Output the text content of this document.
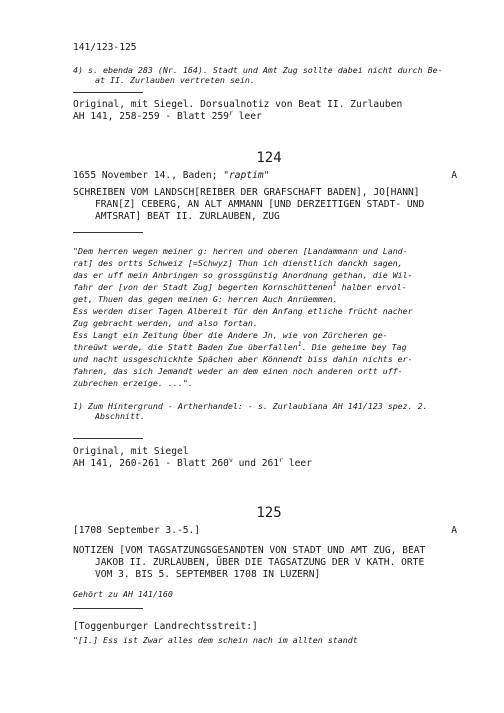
141/123-125
4) s. ebenda 283 (Nr. 164). Stadt und Amt Zug sollte dabei nicht durch Be-
at II. Zurlauben vertreten sein.
Original, mit Siegel. Dorsualnotiz von Beat II. Zurlauben
AH 141, 258-259 - Blatt 259$^r$ leer
124
1655 November 14., Baden; "raptim"	A
SCHREIBEN VOM LANDSCH[REIBER DER GRAFSCHAFT BADEN], JO[HANN]
FRAN[Z] CEBERG, AN ALT AMMANN [UND DERZEITIGEN STADT- UND
AMTSRAT] BEAT II. ZURLAUBEN, ZUG
"Dem herren wegen meiner g: herren und oberen [Landammann und Land-
rat] des ortts Schweiz [=Schwyz] Thun ich dienstlich danckh sagen,
das er uff mein Anbringen so grossgünstig Anordnung gethan, die Wil-
fahr der [von der Stadt Zug] begerten Kornschüttenen$^1$ halber ervol-
get, Thuen das gegen meinen G: herren Auch Anrüemmen.
Ess werden diser Tagen Albereit für den Anfang etliche frücht nacher
Zug gebracht werden, und also fortan.
Ess Langt ein Zeitung Über die Andere Jn, wie von Zürcheren ge-
threüwt werde, die Statt Baden Zue überfallen$^1$. Die geheime bey Tag
und nacht ussgeschickhte Spächen aber Könnendt biss dahin nichts er-
fahren, das sich Jemandt weder an dem einen noch anderen ortt uff-
zubrechen erzeige. ...".
1) Zum Hintergrund - Artherhandel: - s. Zurlaubiana AH 141/123 spez. 2.
Abschnitt.
Original, mit Siegel
AH 141, 260-261 - Blatt 260$^v$ und 261$^r$ leer
125
[1708 September 3.-5.]	A
NOTIZEN [VOM TAGSATZUNGSGESANDTEN VON STADT UND AMT ZUG, BEAT
JAKOB II. ZURLAUBEN, ÜBER DIE TAGSATZUNG DER V KATH. ORTE
VOM 3. BIS 5. SEPTEMBER 1708 IN LUZERN]
Gehört zu AH 141/160
[Toggenburger Landrechtsstreit:]
"[1.] Ess ist Zwar alles dem schein nach im allten standt
